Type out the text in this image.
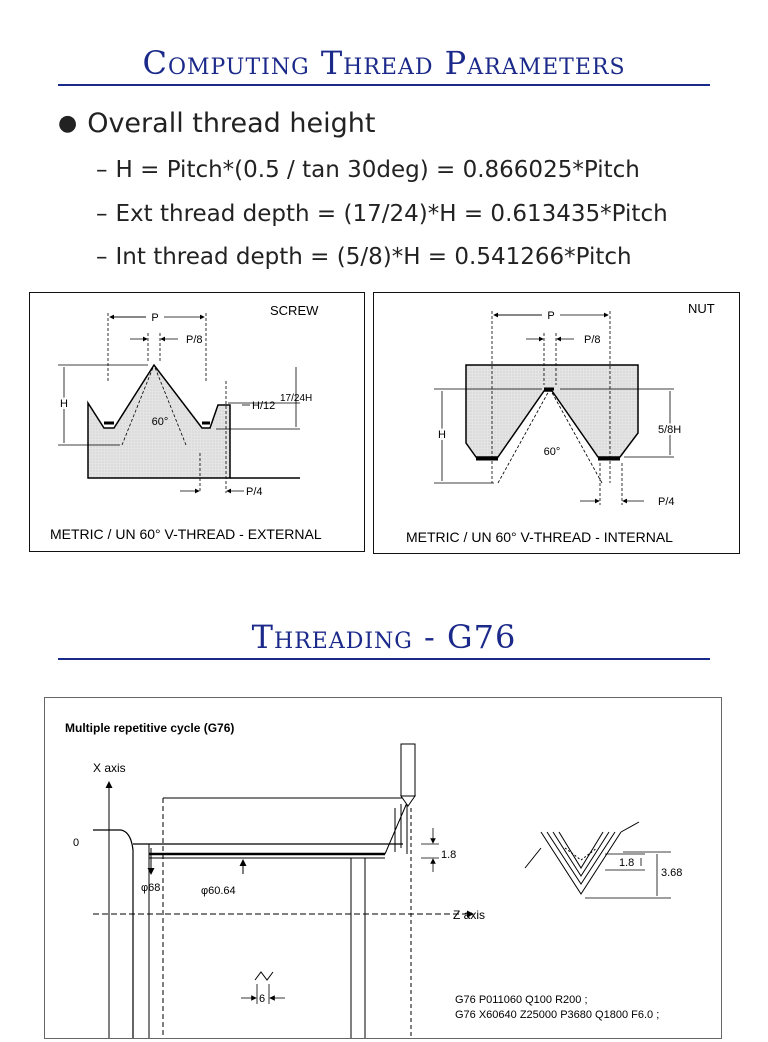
Computing Thread Parameters
● Overall thread height
– H = Pitch*(0.5 / tan 30deg) = 0.866025*Pitch
– Ext thread depth = (17/24)*H = 0.613435*Pitch
– Int thread depth = (5/8)*H = 0.541266*Pitch
P
P/8
H
60°
H/12
17/24H
P/4
SCREW
METRIC / UN 60° V-THREAD - EXTERNAL
P
P/8
H
60°
5/8H
P/4
NUT
METRIC / UN 60° V-THREAD - INTERNAL
Threading - G76
Multiple repetitive cycle (G76)
X axis
0
Z axis
φ68	φ60.64
1.8
1.8
3.68
6	G76 P011060 Q100 R200 ;
G76 X60640 Z25000 P3680 Q1800 F6.0 ;
